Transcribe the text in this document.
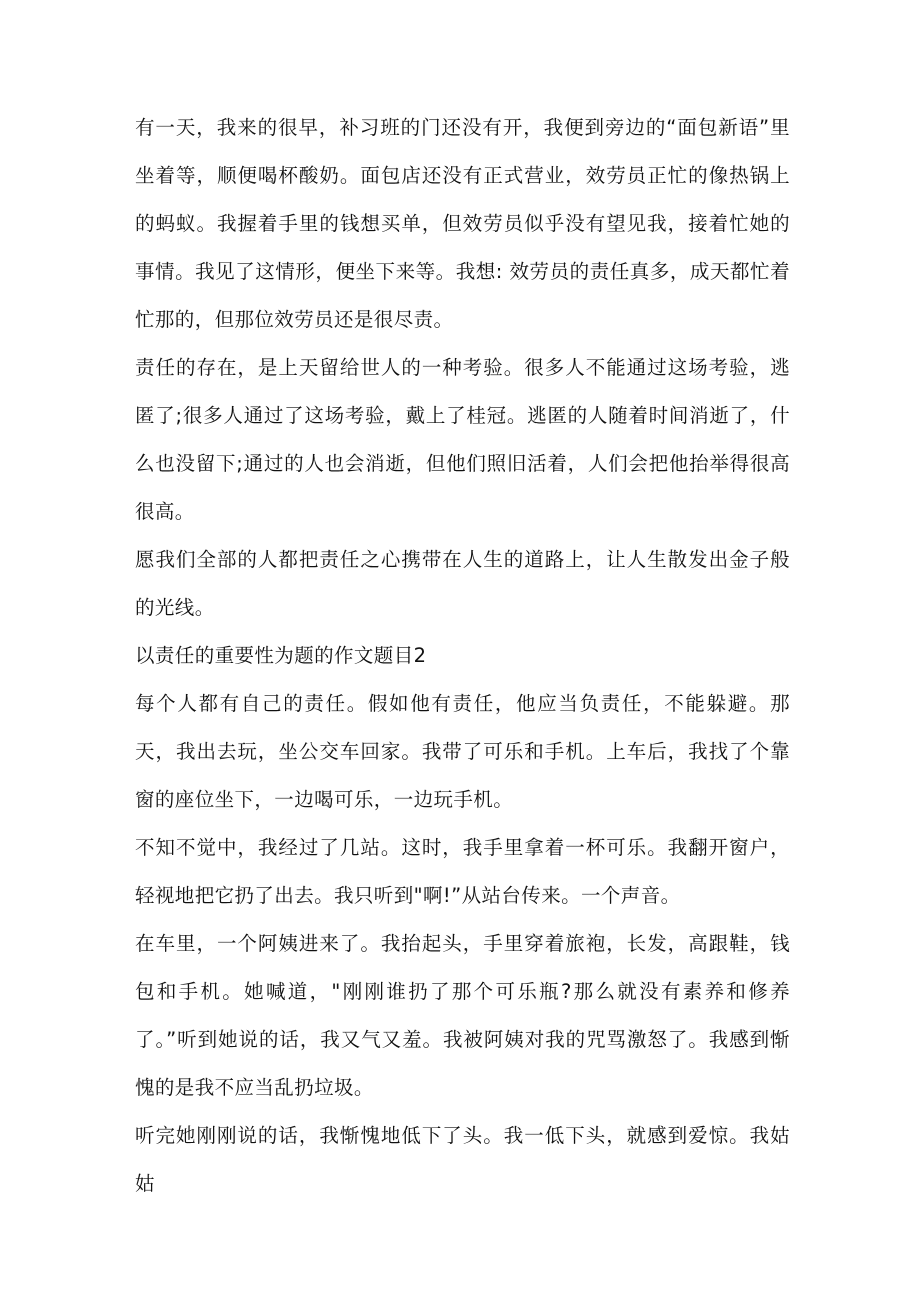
有一天，我来的很早，补习班的门还没有开，我便到旁边的“面包新语”里坐着等，顺便喝杯酸奶。面包店还没有正式营业，效劳员正忙的像热锅上的蚂蚁。我握着手里的钱想买单，但效劳员似乎没有望见我，接着忙她的事情。我见了这情形，便坐下来等。我想: 效劳员的责任真多，成天都忙着忙那的，但那位效劳员还是很尽责。

责任的存在，是上天留给世人的一种考验。很多人不能通过这场考验，逃匿了;很多人通过了这场考验，戴上了桂冠。逃匿的人随着时间消逝了，什么也没留下;通过的人也会消逝，但他们照旧活着，人们会把他抬举得很高很高。

愿我们全部的人都把责任之心携带在人生的道路上，让人生散发出金子般的光线。

以责任的重要性为题的作文题目2

每个人都有自己的责任。假如他有责任，他应当负责任，不能躲避。那天，我出去玩，坐公交车回家。我带了可乐和手机。上车后，我找了个靠窗的座位坐下，一边喝可乐，一边玩手机。

不知不觉中，我经过了几站。这时，我手里拿着一杯可乐。我翻开窗户，轻视地把它扔了出去。我只听到"啊!”从站台传来。一个声音。

在车里，一个阿姨进来了。我抬起头，手里穿着旅袍，长发，高跟鞋，钱包和手机。她喊道，"刚刚谁扔了那个可乐瓶?那么就没有素养和修养了。”听到她说的话，我又气又羞。我被阿姨对我的咒骂激怒了。我感到惭愧的是我不应当乱扔垃圾。

听完她刚刚说的话，我惭愧地低下了头。我一低下头，就感到爱惊。我姑姑
